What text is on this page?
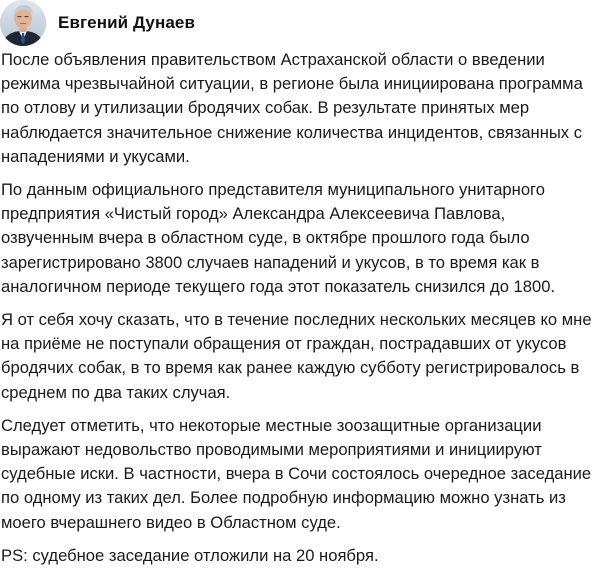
Евгений Дунаев

После объявления правительством Астраханской области о введении
режима чрезвычайной ситуации, в регионе была инициирована программа
по отлову и утилизации бродячих собак. В результате принятых мер
наблюдается значительное снижение количества инцидентов, связанных с
нападениями и укусами.

По данным официального представителя муниципального унитарного
предприятия «Чистый город» Александра Алексеевича Павлова,
озвученным вчера в областном суде, в октябре прошлого года было
зарегистрировано 3800 случаев нападений и укусов, в то время как в
аналогичном периоде текущего года этот показатель снизился до 1800.

Я от себя хочу сказать, что в течение последних нескольких месяцев ко мне
на приёме не поступали обращения от граждан, пострадавших от укусов
бродячих собак, в то время как ранее каждую субботу регистрировалось в
среднем по два таких случая.

Следует отметить, что некоторые местные зоозащитные организации
выражают недовольство проводимыми мероприятиями и инициируют
судебные иски. В частности, вчера в Сочи состоялось очередное заседание
по одному из таких дел. Более подробную информацию можно узнать из
моего вчерашнего видео в Областном суде.

PS: судебное заседание отложили на 20 ноября.
